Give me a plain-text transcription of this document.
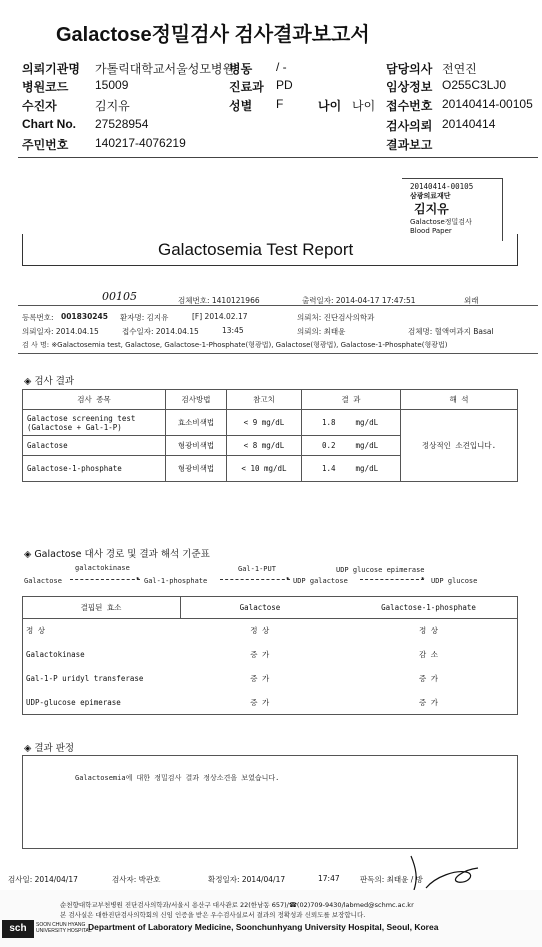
Galactose정밀검사 검사결과보고서
의뢰기관명 가톨릭대학교서울성모병원
병원코드 15009
수진자	김지유
Chart No. 27528954
주민번호 140217-4076219
병동 / -
진료과 PD
성별 F	나이 나이
담당의사 전연진
임상정보 O255C3LJ0
접수번호 20140414-00105
검사의뢰 20140414
결과보고
20140414-00105
삼광의료재단
김지유
Galactose정밀검사
Blood Paper
Galactosemia Test Report
00105	검체번호: 1410121966	출력일자: 2014-04-17 17:47:51	외래
등록번호: 001830245 환자명: 김지유	[F] 2014.02.17	의뢰처: 진단검사의학과
의뢰일자: 2014.04.15	접수일자: 2014.04.15	13:45	의뢰의: 최태윤	검체명: 혈액여과지 Basal
검 사 명: ※Galactosemia test, Galactose, Galactose-1-Phosphate(형광법), Galactose(형광법), Galactose-1-Phosphate(형광법)
◈ 검사 결과
검사 종목	검사방법	참고치	결 과	해 석
Galactose screening test (Galactose + Gal-1-P)	효소비색법	< 9 mg/dL	1.8 mg/dL	정상적인 소견입니다.
Galactose	형광비색법	< 8 mg/dL	0.2 mg/dL	
Galactose-1-phosphate	형광비색법	< 10 mg/dL	1.4 mg/dL	
◈ Galactose 대사 경로 및 결과 해석 기준표
Galactose
galactokinase
▸ Gal-1-phosphate
Gal-1-PUT
▸ UDP galactose
UDP glucose epimerase
▸ UDP glucose
결핍된 효소	Galactose	Galactose-1-phosphate
정 상	정 상	정 상
Galactokinase	증 가	감 소
Gal-1-P uridyl transferase	증 가	증 가
UDP-glucose epimerase	증 가	증 가
◈ 결과 판정
Galactosemia에 대한 정밀검사 결과 정상소견을 보였습니다.
검사일: 2014/04/17	검사자: 박관호	확정일자: 2014/04/17	17:47	판독의: 최태윤 / 방
순천향대학교부천병원 진단검사의학과/서울시 용산구 대사관로 22(한남동 657)/☎(02)709-9430/labmed@schmc.ac.kr
본 검사실은 대한진단검사의학회의 신임 인증을 받은 우수검사실로서 결과의 정확성과 신뢰도를 보장합니다.
sch	SOON CHUN HYANG
UNIVERSITY HOSPITAL
Department of Laboratory Medicine, Soonchunhyang University Hospital, Seoul, Korea
